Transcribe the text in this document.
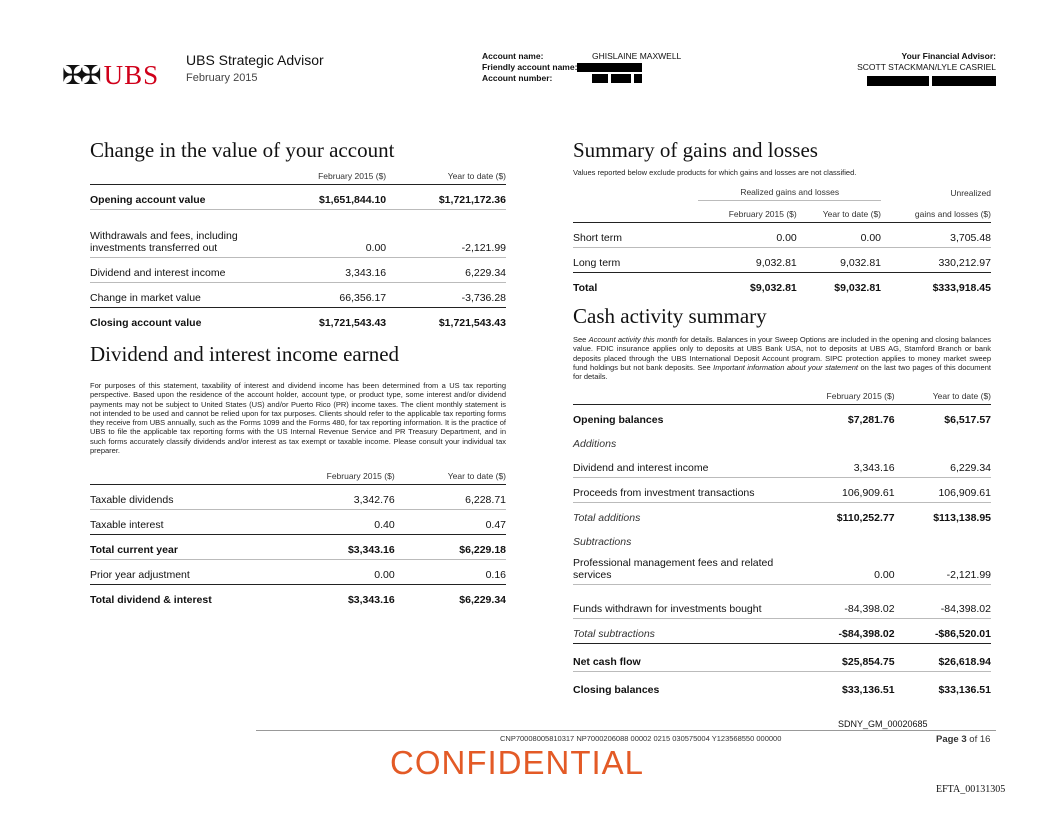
✠✠ UBS UBS Strategic Advisor
February 2015
Account name:	GHISLAINE MAXWELL
Friendly account name:
Account number:
Your Financial Advisor:
SCOTT STACKMAN/LYLE CASRIEL
Change in the value of your account
	February 2015 ($)	Year to date ($)
Opening account value	$1,651,844.10	$1,721,172.36
Withdrawals and fees, including investments transferred out	0.00	-2,121.99
Dividend and interest income	3,343.16	6,229.34
Change in market value	66,356.17	-3,736.28
Closing account value	$1,721,543.43	$1,721,543.43
Dividend and interest income earned

For purposes of this statement, taxability of interest and dividend income has been determined from a US tax reporting perspective. Based upon the residence of the account holder, account type, or product type, some interest and/or dividend payments may not be subject to United States (US) and/or Puerto Rico (PR) income taxes. The client monthly statement is not intended to be used and cannot be relied upon for tax purposes. Clients should refer to the applicable tax reporting forms they receive from UBS annually, such as the Forms 1099 and the Forms 480, for tax reporting information. It is the practice of UBS to file the applicable tax reporting forms with the US Internal Revenue Service and PR Treasury Department, and in such forms accurately classify dividends and/or interest as tax exempt or taxable income. Please consult your individual tax preparer.

	February 2015 ($)	Year to date ($)
Taxable dividends	3,342.76	6,228.71
Taxable interest	0.40	0.47
Total current year	$3,343.16	$6,229.18
Prior year adjustment	0.00	0.16
Total dividend & interest	$3,343.16	$6,229.34
Summary of gains and losses

Values reported below exclude products for which gains and losses are not classified.

	Realized gains and losses		Unrealized
	February 2015 ($)	Year to date ($)	gains and losses ($)
Short term	0.00	0.00	3,705.48
Long term	9,032.81	9,032.81	330,212.97
Total	$9,032.81	$9,032.81	$333,918.45
Cash activity summary

See Account activity this month for details. Balances in your Sweep Options are included in the opening and closing balances value. FDIC insurance applies only to deposits at UBS Bank USA, not to deposits at UBS AG, Stamford Branch or bank deposits placed through the UBS International Deposit Account program. SIPC protection applies to money market sweep fund holdings but not bank deposits. See Important information about your statement on the last two pages of this document for details.

	February 2015 ($)	Year to date ($)
Opening balances	$7,281.76	$6,517.57
Additions		
Dividend and interest income	3,343.16	6,229.34
Proceeds from investment transactions	106,909.61	106,909.61
Total additions	$110,252.77	$113,138.95
Subtractions		
Professional management fees and related services	0.00	-2,121.99
Funds withdrawn for investments bought	-84,398.02	-84,398.02
Total subtractions	-$84,398.02	-$86,520.01
Net cash flow	$25,854.75	$26,618.94
Closing balances	$33,136.51	$33,136.51
SDNY_GM_00020685
CNP70008005810317 NP7000206088 00002 0215 030575004 Y123568550 000000	Page 3 of 16
CONFIDENTIAL
EFTA_00131305
